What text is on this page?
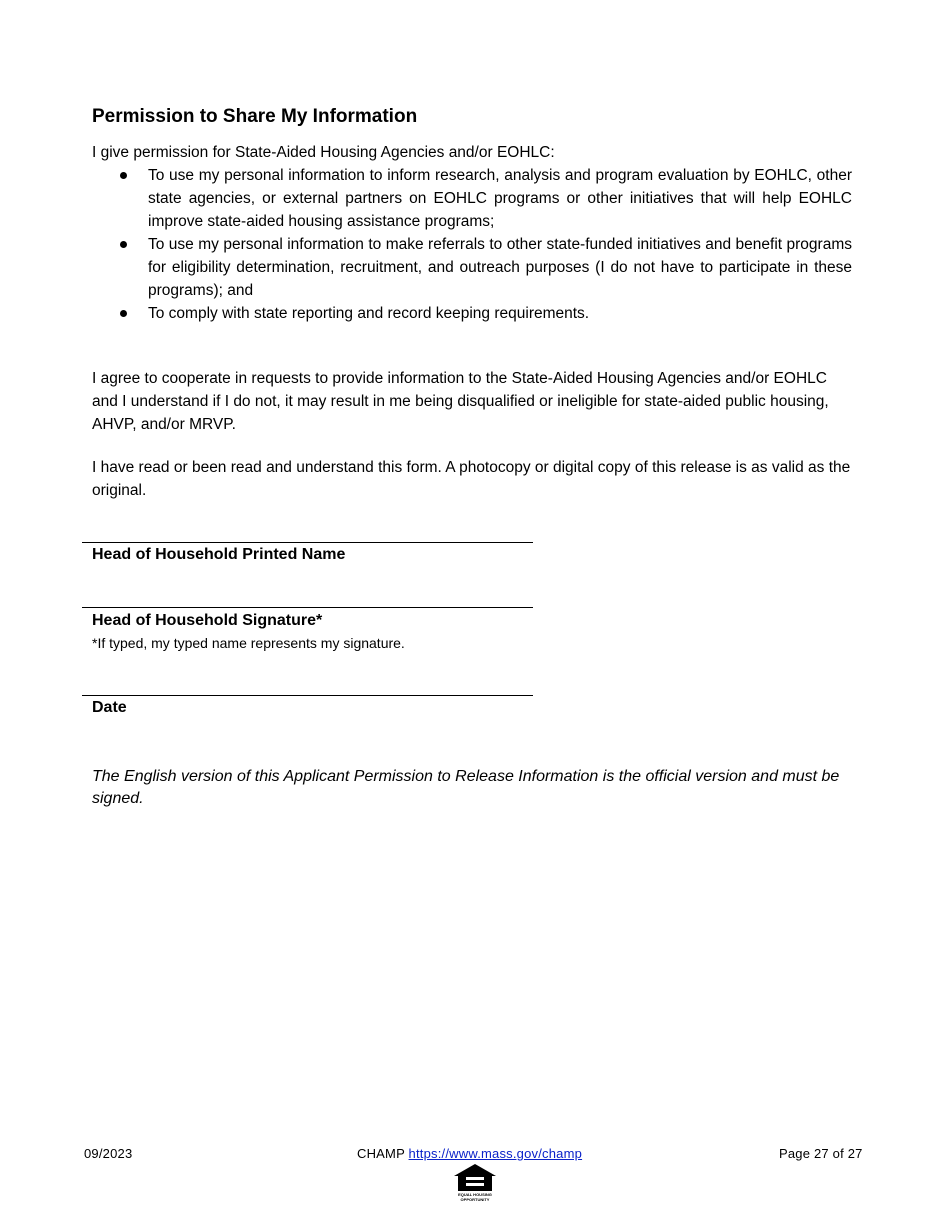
Permission to Share My Information

I give permission for State-Aided Housing Agencies and/or EOHLC:

To use my personal information to inform research, analysis and program evaluation by EOHLC, other state agencies, or external partners on EOHLC programs or other initiatives that will help EOHLC improve state-aided housing assistance programs;
To use my personal information to make referrals to other state-funded initiatives and benefit programs for eligibility determination, recruitment, and outreach purposes (I do not have to participate in these programs); and
To comply with state reporting and record keeping requirements.

I agree to cooperate in requests to provide information to the State-Aided Housing Agencies and/or EOHLC and I understand if I do not, it may result in me being disqualified or ineligible for state-aided public housing, AHVP, and/or MRVP.

I have read or been read and understand this form. A photocopy or digital copy of this release is as valid as the original.

Head of Household Printed Name

Head of Household Signature*

*If typed, my typed name represents my signature.

Date

The English version of this Applicant Permission to Release Information is the official version and must be signed.

09/2023	CHAMP https://www.mass.gov/champ	Page 27 of 27
EQUAL HOUSING
OPPORTUNITY
